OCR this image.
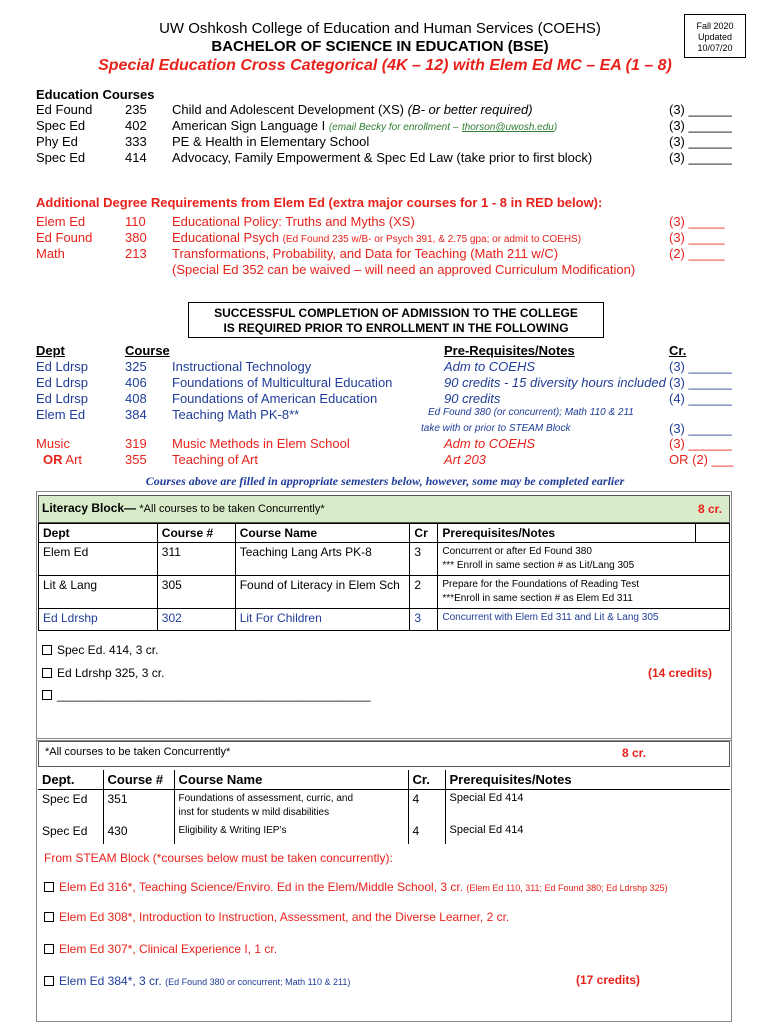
UW Oshkosh College of Education and Human Services (COEHS)
BACHELOR OF SCIENCE IN EDUCATION (BSE)
Special Education Cross Categorical (4K – 12) with Elem Ed MC – EA (1 – 8)
Fall 2020
Updated
10/07/20
Education Courses
Ed Found	235 Child and Adolescent Development (XS) (B- or better required)	(3) ______
Spec Ed	402 American Sign Language I (email Becky for enrollment – thorson@uwosh.edu)	(3) ______
Phy Ed	333 PE & Health in Elementary School	(3) ______
Spec Ed	414 Advocacy, Family Empowerment & Spec Ed Law (take prior to first block)	(3) ______
Additional Degree Requirements from Elem Ed (extra major courses for 1 - 8 in RED below):
Elem Ed	110 Educational Policy: Truths and Myths (XS)	(3) _____
Ed Found	380 Educational Psych (Ed Found 235 w/B- or Psych 391, & 2.75 gpa; or admit to COEHS)	(3) _____
Math	213 Transformations, Probability, and Data for Teaching (Math 211 w/C)	(2) _____
(Special Ed 352 can be waived – will need an approved Curriculum Modification)
SUCCESSFUL COMPLETION OF ADMISSION TO THE COLLEGE
IS REQUIRED PRIOR TO ENROLLMENT IN THE FOLLOWING
Dept	Course	Pre-Requisites/Notes	Cr.
Ed Ldrsp	325 Instructional Technology	Adm to COEHS	(3) ______
Ed Ldrsp	406 Foundations of Multicultural Education	90 credits - 15 diversity hours included (3) ______
Ed Ldrsp	408 Foundations of American Education	90 credits	(4) ______
Elem Ed	384 Teaching Math PK-8**	Ed Found 380 (or concurrent); Math 110 & 211
take with or prior to STEAM Block	(3) ______
Music	319 Music Methods in Elem School	Adm to COEHS	(3) ______
OR Art	355 Teaching of Art	Art 203	OR (2) ___
Courses above are filled in appropriate semesters below, however, some may be completed earlier
Literacy Block— *All courses to be taken Concurrently*	8 cr.
Dept	Course #	Course Name	Cr	Prerequisites/Notes	
Elem Ed	311	Teaching Lang Arts PK-8	3	Concurrent or after Ed Found 380
*** Enroll in same section # as Lit/Lang 305	

Lit & Lang	305	Found of Literacy in Elem Sch	2	Prepare for the Foundations of Reading Test
***Enroll in same section # as Elem Ed 311	

Ed Ldrshp	302	Lit For Children	3	Concurrent with Elem Ed 311 and Lit & Lang 305	
Spec Ed. 414, 3 cr.
Ed Ldrshp 325, 3 cr.
_______________________________________________
(14 credits)
*All courses to be taken Concurrently*	8 cr.
Dept.	Course #	Course Name	Cr.	Prerequisites/Notes
Spec Ed	351	Foundations of assessment, curric, and
inst for students w mild disabilities	4	Special Ed 414
Spec Ed	430	Eligibility & Writing IEP’s	4	Special Ed 414
From STEAM Block (*courses below must be taken concurrently):
Elem Ed 316*, Teaching Science/Enviro. Ed in the Elem/Middle School, 3 cr. (Elem Ed 110, 311; Ed Found 380; Ed Ldrshp 325)
Elem Ed 308*, Introduction to Instruction, Assessment, and the Diverse Learner, 2 cr.
Elem Ed 307*, Clinical Experience I, 1 cr.
Elem Ed 384*, 3 cr. (Ed Found 380 or concurrent; Math 110 & 211)	(17 credits)
